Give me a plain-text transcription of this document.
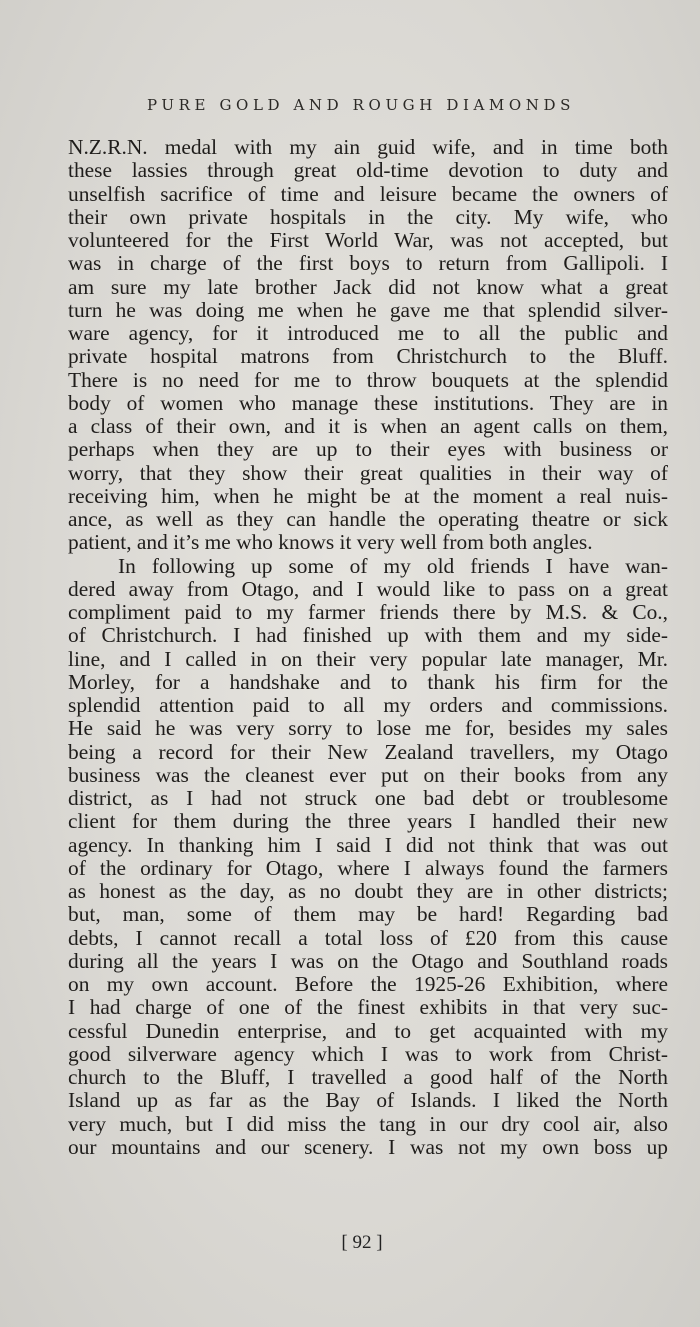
PURE GOLD AND ROUGH DIAMONDS
N.Z.R.N. medal with my ain guid wife, and in time both
these lassies through great old-time devotion to duty and
unselfish sacrifice of time and leisure became the owners of
their own private hospitals in the city. My wife, who
volunteered for the First World War, was not accepted, but
was in charge of the first boys to return from Gallipoli. I
am sure my late brother Jack did not know what a great
turn he was doing me when he gave me that splendid silver-
ware agency, for it introduced me to all the public and
private hospital matrons from Christchurch to the Bluff.
There is no need for me to throw bouquets at the splendid
body of women who manage these institutions. They are in
a class of their own, and it is when an agent calls on them,
perhaps when they are up to their eyes with business or
worry, that they show their great qualities in their way of
receiving him, when he might be at the moment a real nuis-
ance, as well as they can handle the operating theatre or sick
patient, and it’s me who knows it very well from both angles.
In following up some of my old friends I have wan-
dered away from Otago, and I would like to pass on a great
compliment paid to my farmer friends there by M.S. & Co.,
of Christchurch. I had finished up with them and my side-
line, and I called in on their very popular late manager, Mr.
Morley, for a handshake and to thank his firm for the
splendid attention paid to all my orders and commissions.
He said he was very sorry to lose me for, besides my sales
being a record for their New Zealand travellers, my Otago
business was the cleanest ever put on their books from any
district, as I had not struck one bad debt or troublesome
client for them during the three years I handled their new
agency. In thanking him I said I did not think that was out
of the ordinary for Otago, where I always found the farmers
as honest as the day, as no doubt they are in other districts;
but, man, some of them may be hard! Regarding bad
debts, I cannot recall a total loss of £20 from this cause
during all the years I was on the Otago and Southland roads
on my own account. Before the 1925-26 Exhibition, where
I had charge of one of the finest exhibits in that very suc-
cessful Dunedin enterprise, and to get acquainted with my
good silverware agency which I was to work from Christ-
church to the Bluff, I travelled a good half of the North
Island up as far as the Bay of Islands. I liked the North
very much, but I did miss the tang in our dry cool air, also
our mountains and our scenery. I was not my own boss up
[ 92 ]
